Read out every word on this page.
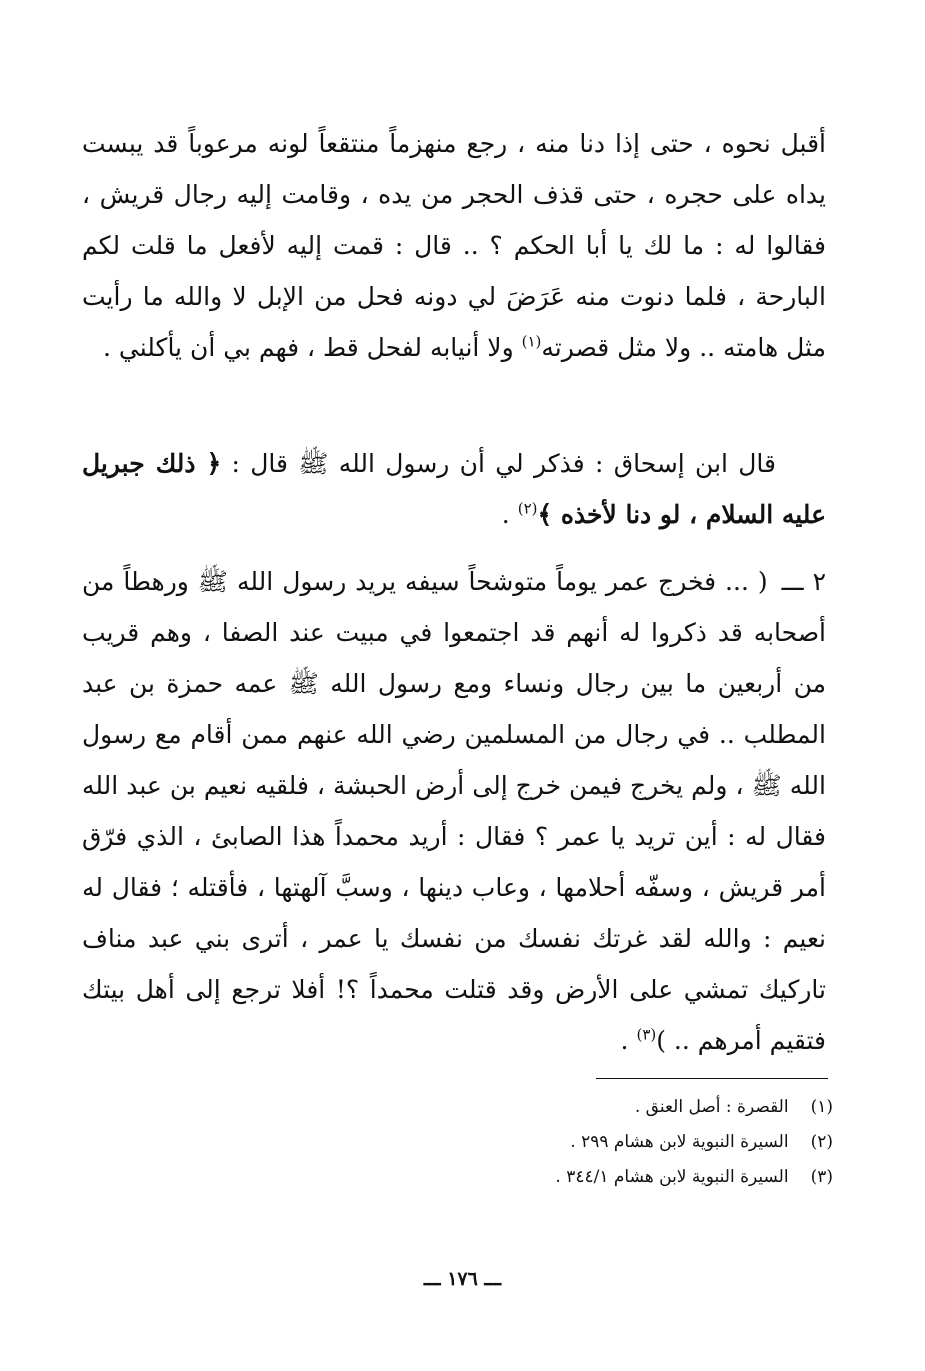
أقبل نحوه ، حتى إذا دنا منه ، رجع منهزماً منتقعاً لونه مرعوباً قد يبست يداه على حجره ، حتى قذف الحجر من يده ، وقامت إليه رجال قريش ، فقالوا له : ما لك يا أبا الحكم ؟ .. قال : قمت إليه لأفعل ما قلت لكم البارحة ، فلما دنوت منه عَرَضَ لي دونه فحل من الإبل لا والله ما رأيت مثل هامته .. ولا مثل قصرته$^{(١)}$ ولا أنيابه لفحل قط ، فهم بي أن يأكلني .

قال ابن إسحاق : فذكر لي أن رسول الله ﷺ قال : ﴿ ذلك جبريل عليه السلام ، لو دنا لأخذه ﴾$^{(٢)}$ .

٢ ـــ( ... فخرج عمر يوماً متوشحاً سيفه يريد رسول الله ﷺ ورهطاً من أصحابه قد ذكروا له أنهم قد اجتمعوا في مبيت عند الصفا ، وهم قريب من أربعين ما بين رجال ونساء ومع رسول الله ﷺ عمه حمزة بن عبد المطلب .. في رجال من المسلمين رضي الله عنهم ممن أقام مع رسول الله ﷺ ، ولم يخرج فيمن خرج إلى أرض الحبشة ، فلقيه نعيم بن عبد الله فقال له : أين تريد يا عمر ؟ فقال : أريد محمداً هذا الصابئ ، الذي فرّق أمر قريش ، وسفّه أحلامها ، وعاب دينها ، وسبَّ آلهتها ، فأقتله ؛ فقال له نعيم : والله لقد غرتك نفسك من نفسك يا عمر ، أترى بني عبد مناف تاركيك تمشي على الأرض وقد قتلت محمداً ؟! أفلا ترجع إلى أهل بيتك فتقيم أمرهم .. )$^{(٣)}$ .

(١)القصرة : أصل العنق .
(٢)السيرة النبوية لابن هشام ٢٩٩ .
(٣)السيرة النبوية لابن هشام ٣٤٤/١ .
ـــ ١٧٦ ـــ
